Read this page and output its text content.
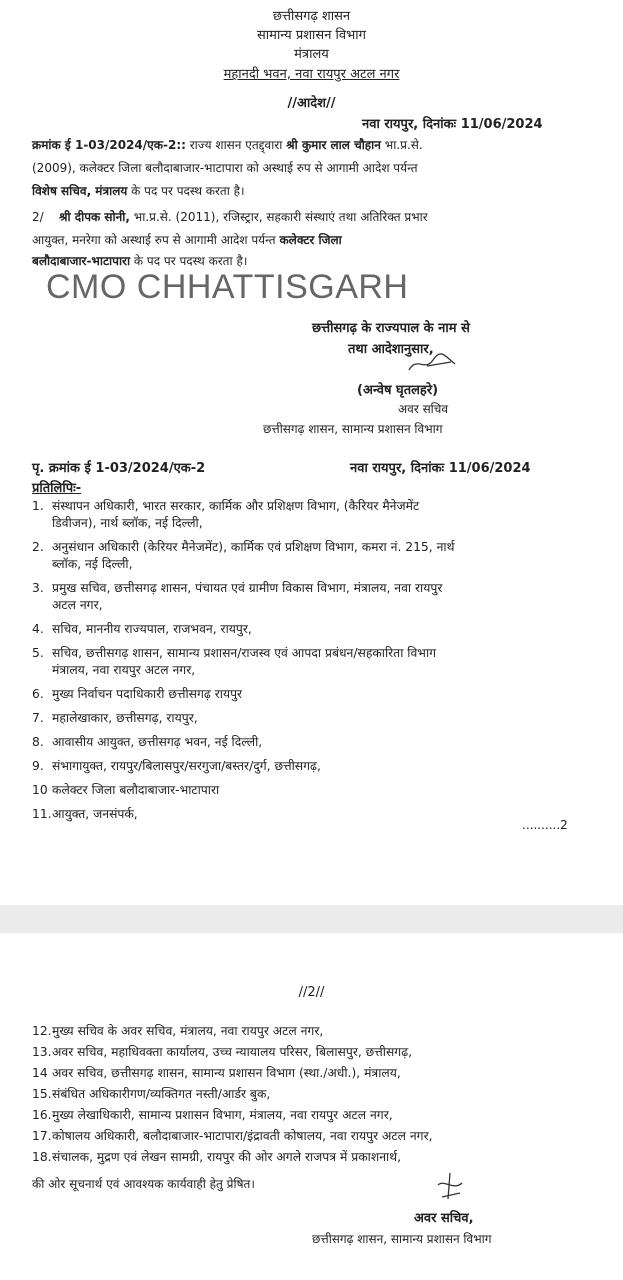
छत्तीसगढ़ शासन
सामान्य प्रशासन विभाग
मंत्रालय
महानदी भवन, नवा रायपुर अटल नगर
//आदेश//
नवा रायपुर, दिनांकः 11/06/2024
क्रमांक ई 1-03/2024/एक-2:: राज्य शासन एतद्द्वारा श्री कुमार लाल चौहान भा.प्र.से.
(2009), कलेक्टर जिला बलौदाबाजार-भाटापारा को अस्थाई रुप से आगामी आदेश पर्यन्त
विशेष सचिव, मंत्रालय के पद पर पदस्थ करता है।
2/ श्री दीपक सोनी, भा.प्र.से. (2011), रजिस्ट्रार, सहकारी संस्थाएं तथा अतिरिक्त प्रभार
आयुक्त, मनरेगा को अस्थाई रुप से आगामी आदेश पर्यन्त कलेक्टर जिला
बलौदाबाजार-भाटापारा के पद पर पदस्थ करता है।
CMO CHHATTISGARH
छत्तीसगढ़ के राज्यपाल के नाम से
तथा आदेशानुसार,
(अन्वेष घृतलहरे)
अवर सचिव
छत्तीसगढ़ शासन, सामान्य प्रशासन विभाग
पृ. क्रमांक ई 1-03/2024/एक-2	नवा रायपुर, दिनांकः 11/06/2024
प्रतिलिपिः-
1. संस्थापन अधिकारी, भारत सरकार, कार्मिक और प्रशिक्षण विभाग, (कैरियर मैनेजमेंट
डिवीजन), नार्थ ब्लॉक, नई दिल्ली,
2. अनुसंधान अधिकारी (केरियर मैनेजमेंट), कार्मिक एवं प्रशिक्षण विभाग, कमरा नं. 215, नार्थ
ब्लॉक, नई दिल्ली,
3. प्रमुख सचिव, छत्तीसगढ़ शासन, पंचायत एवं ग्रामीण विकास विभाग, मंत्रालय, नवा रायपुर
अटल नगर,
4. सचिव, माननीय राज्यपाल, राजभवन, रायपुर,
5. सचिव, छत्तीसगढ़ शासन, सामान्य प्रशासन/राजस्व एवं आपदा प्रबंधन/सहकारिता विभाग
मंत्रालय, नवा रायपुर अटल नगर,
6. मुख्य निर्वाचन पदाधिकारी छत्तीसगढ़ रायपुर
7. महालेखाकार, छत्तीसगढ़, रायपुर,
8. आवासीय आयुक्त, छत्तीसगढ़ भवन, नई दिल्ली,
9. संभागायुक्त, रायपुर/बिलासपुर/सरगुजा/बस्तर/दुर्ग, छत्तीसगढ़,
10 कलेक्टर जिला बलौदाबाजार-भाटापारा
11.आयुक्त, जनसंपर्क,
..........2
//2//
12.मुख्य सचिव के अवर सचिव, मंत्रालय, नवा रायपुर अटल नगर,
13.अवर सचिव, महाधिवक्ता कार्यालय, उच्च न्यायालय परिसर, बिलासपुर, छत्तीसगढ़,
14 अवर सचिव, छत्तीसगढ़ शासन, सामान्य प्रशासन विभाग (स्था./अधी.), मंत्रालय,
15.संबंधित अधिकारीगण/व्यक्तिगत नस्ती/आर्डर बुक,
16.मुख्य लेखाधिकारी, सामान्य प्रशासन विभाग, मंत्रालय, नवा रायपुर अटल नगर,
17.कोषालय अधिकारी, बलौदाबाजार-भाटापारा/इंद्रावती कोषालय, नवा रायपुर अटल नगर,
18.संचालक, मुद्रण एवं लेखन सामग्री, रायपुर की ओर अगले राजपत्र में प्रकाशनार्थ,
की ओर सूचनार्थ एवं आवश्यक कार्यवाही हेतु प्रेषित।
अवर सचिव,
छत्तीसगढ़ शासन, सामान्य प्रशासन विभाग
